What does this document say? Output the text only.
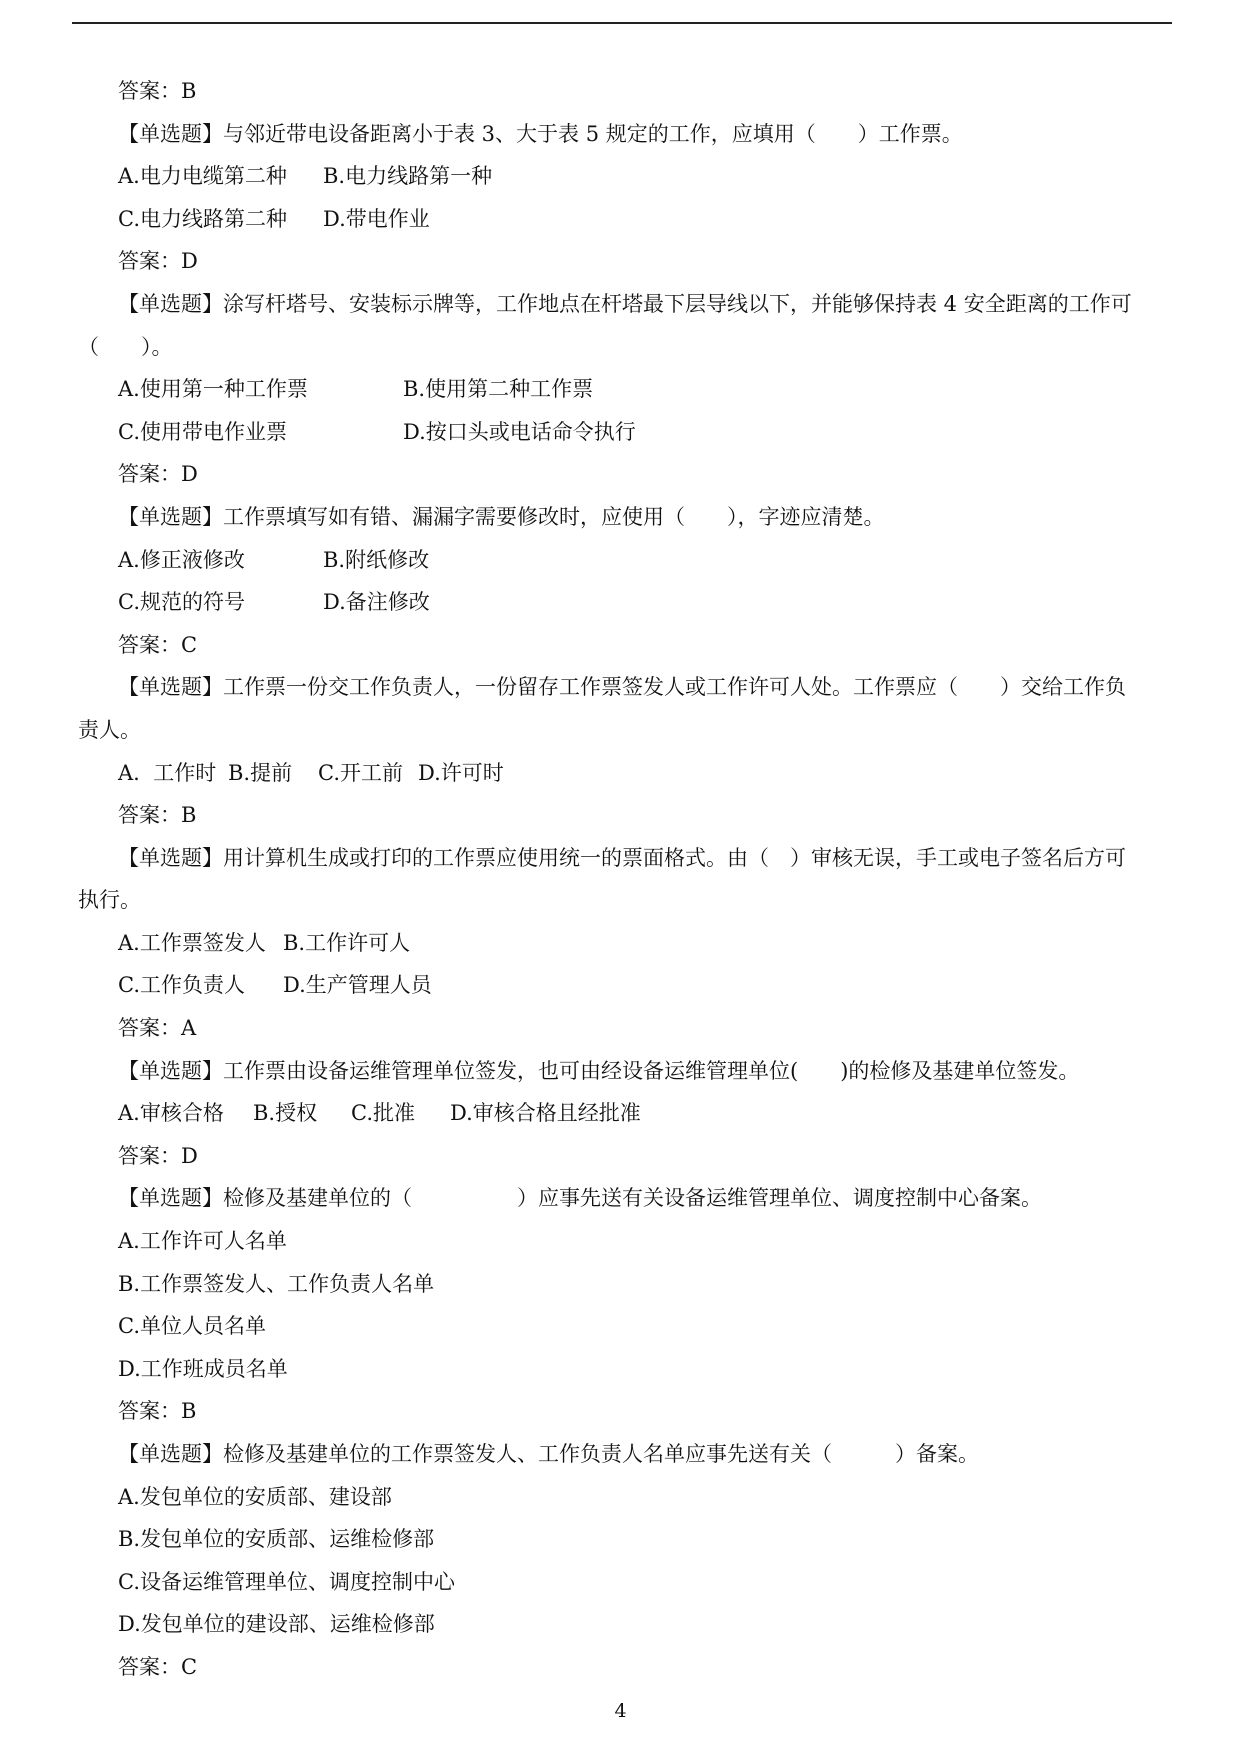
答案：B
【单选题】与邻近带电设备距离小于表 3、大于表 5 规定的工作，应填用（　　）工作票。
A.电力电缆第二种 B.电力线路第一种
C.电力线路第二种 D.带电作业
答案：D
【单选题】涂写杆塔号、安装标示牌等，工作地点在杆塔最下层导线以下，并能够保持表 4 安全距离的工作可
（　　）。
A.使用第一种工作票	B.使用第二种工作票
C.使用带电作业票	D.按口头或电话命令执行
答案：D
【单选题】工作票填写如有错、漏漏字需要修改时，应使用（　　），字迹应清楚。
A.修正液修改	B.附纸修改
C.规范的符号	D.备注修改
答案：C
【单选题】工作票一份交工作负责人，一份留存工作票签发人或工作许可人处。工作票应（　　）交给工作负
责人。
A.  工作时 B.提前 C.开工前 D.许可时
答案：B
【单选题】用计算机生成或打印的工作票应使用统一的票面格式。由（　）审核无误，手工或电子签名后方可
执行。
A.工作票签发人 B.工作许可人
C.工作负责人 D.生产管理人员
答案：A
【单选题】工作票由设备运维管理单位签发，也可由经设备运维管理单位(　　)的检修及基建单位签发。
A.审核合格 B.授权 C.批准 D.审核合格且经批准
答案：D
【单选题】检修及基建单位的（　　　　　）应事先送有关设备运维管理单位、调度控制中心备案。
A.工作许可人名单
B.工作票签发人、工作负责人名单
C.单位人员名单
D.工作班成员名单
答案：B
【单选题】检修及基建单位的工作票签发人、工作负责人名单应事先送有关（　　　）备案。
A.发包单位的安质部、建设部
B.发包单位的安质部、运维检修部
C.设备运维管理单位、调度控制中心
D.发包单位的建设部、运维检修部
答案：C
4
